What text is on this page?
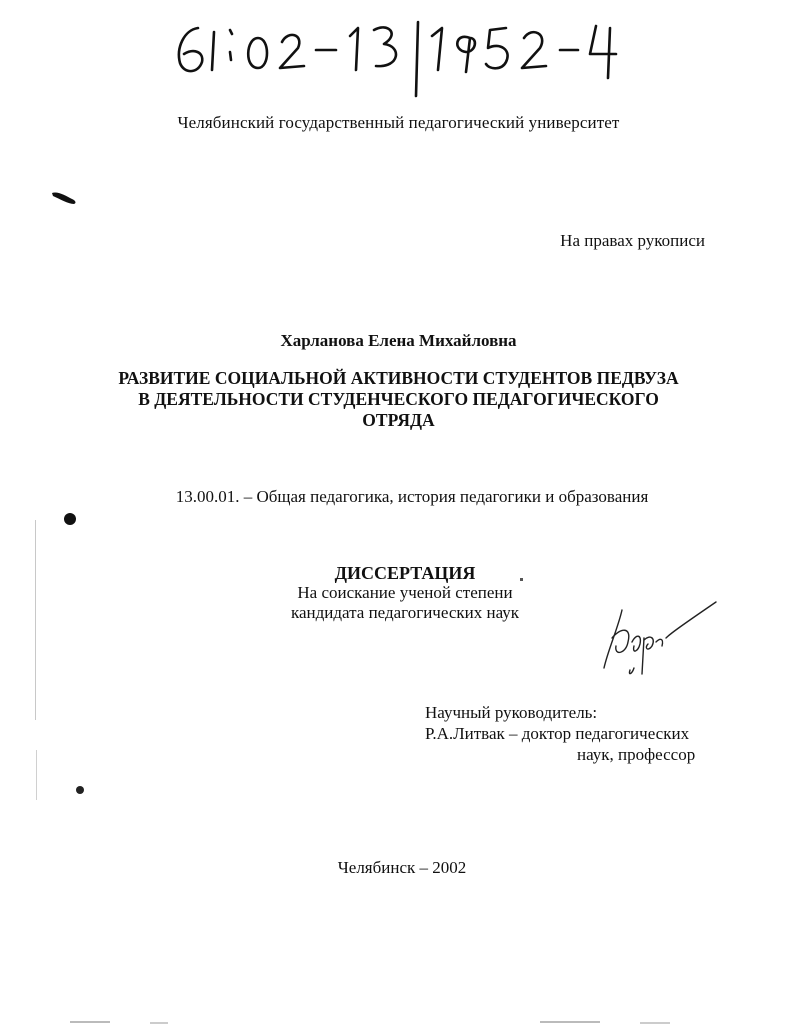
Челябинский государственный педагогический университет
На правах рукописи
Харланова Елена Михайловна
РАЗВИТИЕ СОЦИАЛЬНОЙ АКТИВНОСТИ СТУДЕНТОВ ПЕДВУЗА
В ДЕЯТЕЛЬНОСТИ СТУДЕНЧЕСКОГО ПЕДАГОГИЧЕСКОГО
ОТРЯДА
13.00.01. – Общая педагогика, история педагогики и образования
ДИССЕРТАЦИЯ
На соискание ученой степени
кандидата педагогических наук
Научный руководитель:
Р.А.Литвак – доктор педагогических
наук, профессор
Челябинск – 2002
